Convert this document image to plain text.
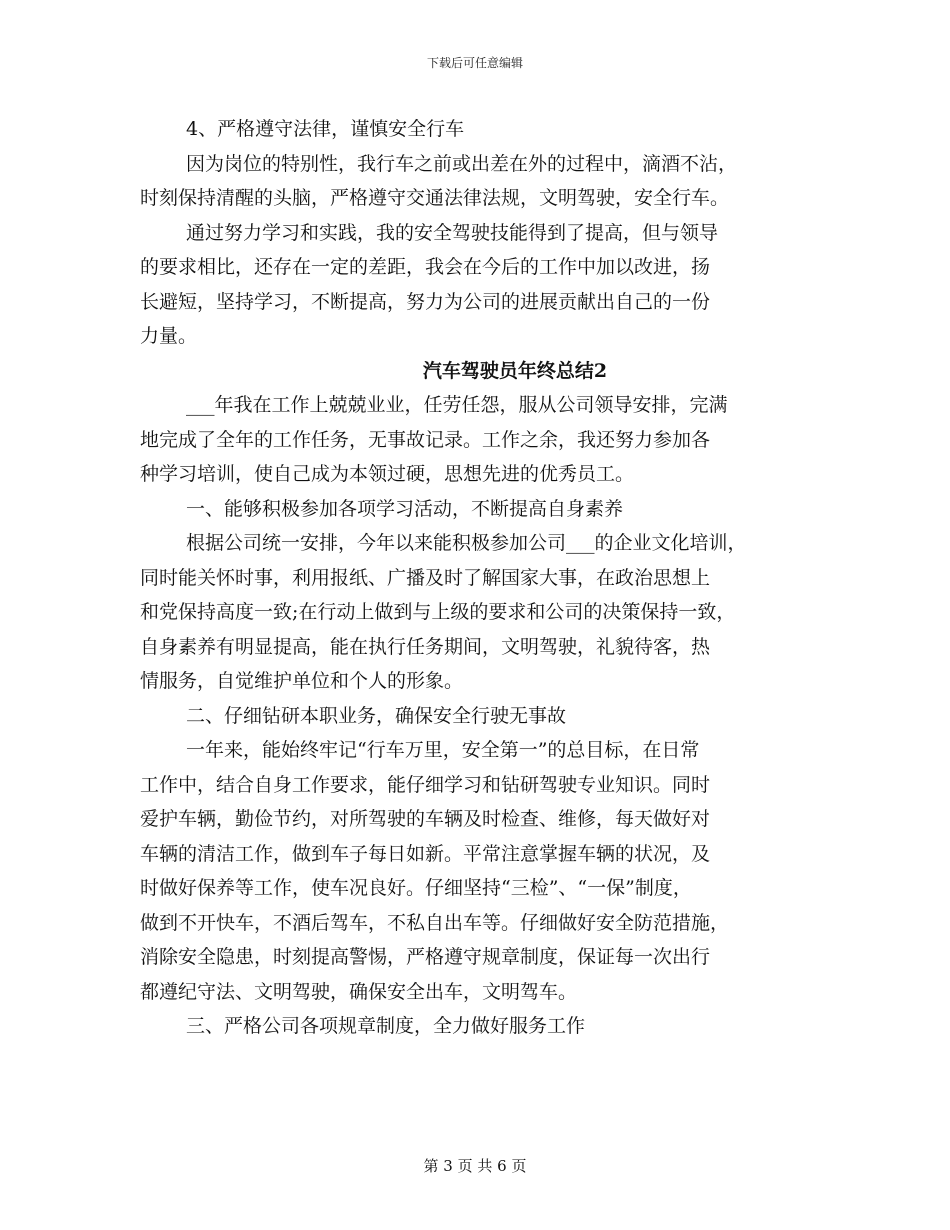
下载后可任意编辑
4、严格遵守法律，谨慎安全行车
因为岗位的特别性，我行车之前或出差在外的过程中，滴酒不沾，
时刻保持清醒的头脑，严格遵守交通法律法规，文明驾驶，安全行车。
通过努力学习和实践，我的安全驾驶技能得到了提高，但与领导
的要求相比，还存在一定的差距，我会在今后的工作中加以改进，扬
长避短，坚持学习，不断提高，努力为公司的进展贡献出自己的一份
力量。
汽车驾驶员年终总结2
___年我在工作上兢兢业业，任劳任怨，服从公司领导安排，完满
地完成了全年的工作任务，无事故记录。工作之余，我还努力参加各
种学习培训，使自己成为本领过硬，思想先进的优秀员工。
一、能够积极参加各项学习活动，不断提高自身素养
根据公司统一安排，今年以来能积极参加公司___的企业文化培训，
同时能关怀时事，利用报纸、广播及时了解国家大事，在政治思想上
和党保持高度一致;在行动上做到与上级的要求和公司的决策保持一致，
自身素养有明显提高，能在执行任务期间，文明驾驶，礼貌待客，热
情服务，自觉维护单位和个人的形象。
二、仔细钻研本职业务，确保安全行驶无事故
一年来，能始终牢记“行车万里，安全第一”的总目标，在日常
工作中，结合自身工作要求，能仔细学习和钻研驾驶专业知识。同时
爱护车辆，勤俭节约，对所驾驶的车辆及时检查、维修，每天做好对
车辆的清洁工作，做到车子每日如新。平常注意掌握车辆的状况，及
时做好保养等工作，使车况良好。仔细坚持“三检”、“一保”制度，
做到不开快车，不酒后驾车，不私自出车等。仔细做好安全防范措施，
消除安全隐患，时刻提高警惕，严格遵守规章制度，保证每一次出行
都遵纪守法、文明驾驶，确保安全出车，文明驾车。
三、严格公司各项规章制度，全力做好服务工作
第 3 页 共 6 页
